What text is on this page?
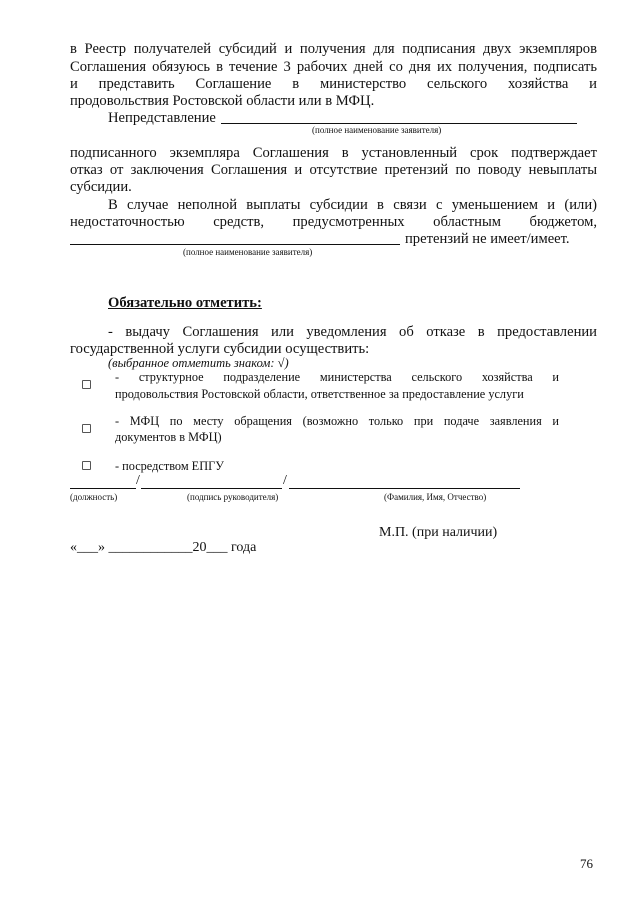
в Реестр получателей субсидий и получения для подписания двух экземпляров
Соглашения обязуюсь в течение 3 рабочих дней со дня их получения, подписать
и представить Соглашение в министерство сельского хозяйства и
продовольствия Ростовской области или в МФЦ.
Непредставление
(полное наименование заявителя)
подписанного экземпляра Соглашения в установленный срок подтверждает
отказ от заключения Соглашения и отсутствие претензий по поводу невыплаты
субсидии.
В случае неполной выплаты субсидии в связи с уменьшением и (или)
недостаточностью средств, предусмотренных областным бюджетом,
претензий не имеет/имеет.
(полное наименование заявителя)
Обязательно отметить:
- выдачу Соглашения или уведомления об отказе в предоставлении
государственной услуги субсидии осуществить:
(выбранное отметить знаком: √)
- структурное подразделение министерства сельского хозяйства и
продовольствия Ростовской области, ответственное за предоставление услуги
- МФЦ по месту обращения (возможно только при подаче заявления и
документов в МФЦ)
- посредством ЕПГУ
/	/
(должность)	(подпись руководителя)	(Фамилия, Имя, Отчество)
М.П. (при наличии)
«___» ____________20___ года
76
